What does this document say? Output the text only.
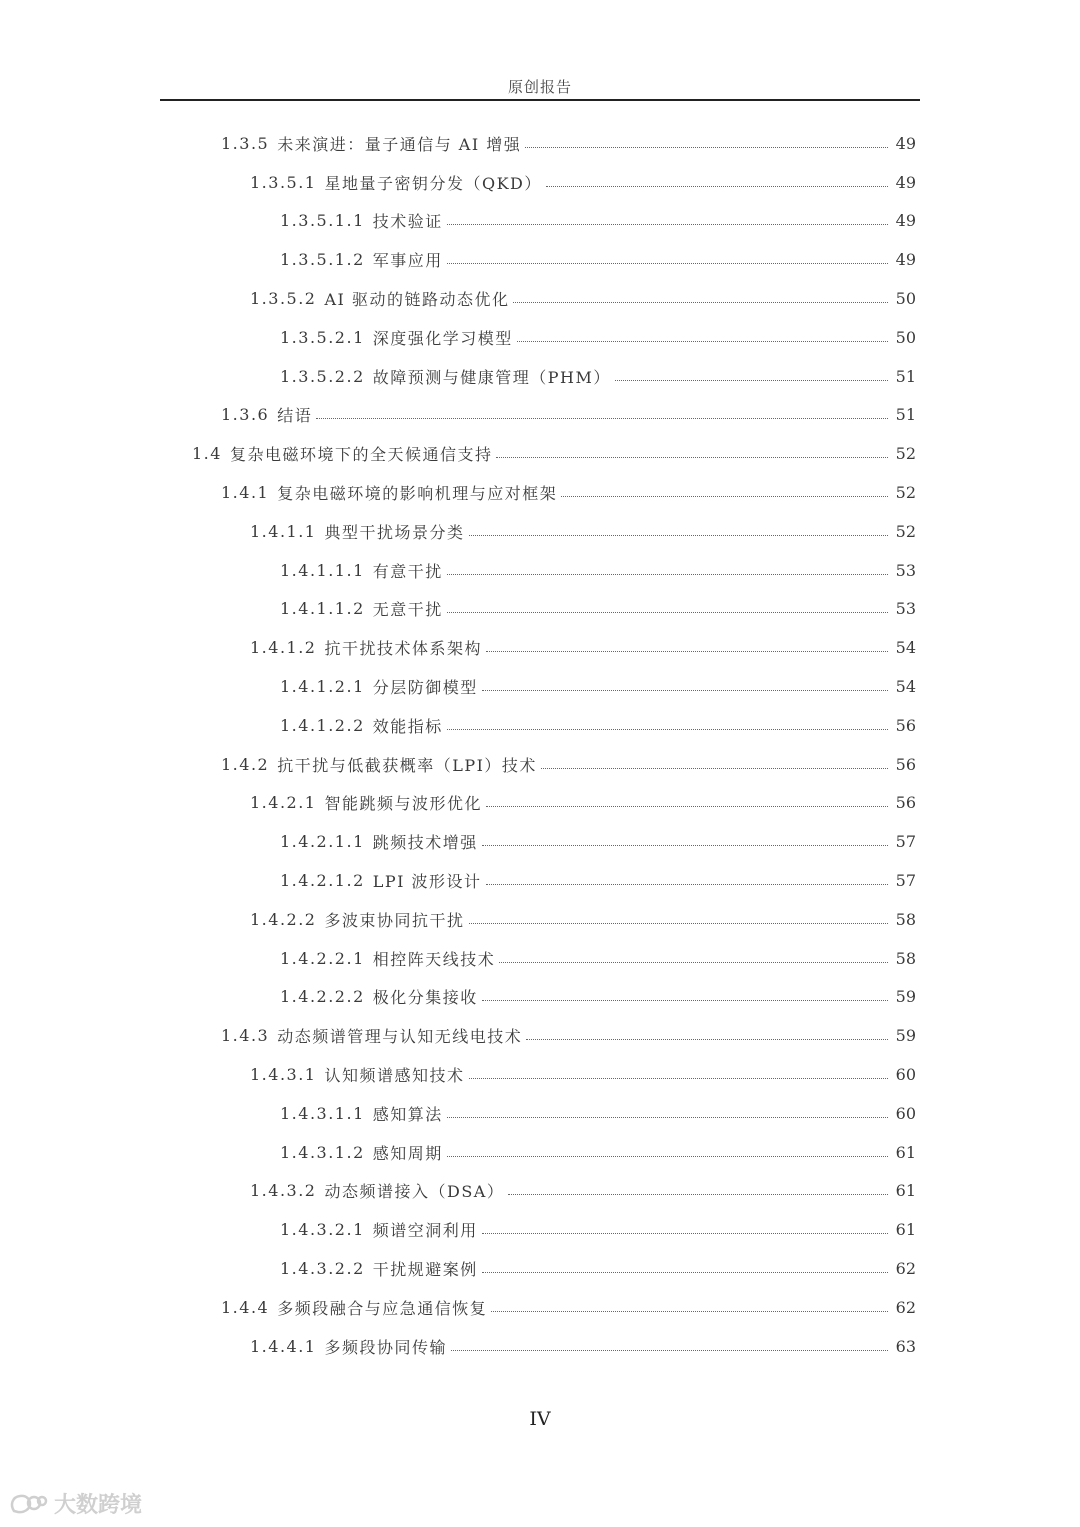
原创报告
1.3.5 未来演进：量子通信与 AI 增强	49
1.3.5.1 星地量子密钥分发（QKD）	49
1.3.5.1.1 技术验证	49
1.3.5.1.2 军事应用	49
1.3.5.2 AI 驱动的链路动态优化	50
1.3.5.2.1 深度强化学习模型	50
1.3.5.2.2 故障预测与健康管理（PHM）	51
1.3.6 结语	51
1.4 复杂电磁环境下的全天候通信支持	52
1.4.1 复杂电磁环境的影响机理与应对框架	52
1.4.1.1 典型干扰场景分类	52
1.4.1.1.1 有意干扰	53
1.4.1.1.2 无意干扰	53
1.4.1.2 抗干扰技术体系架构	54
1.4.1.2.1 分层防御模型	54
1.4.1.2.2 效能指标	56
1.4.2 抗干扰与低截获概率（LPI）技术	56
1.4.2.1 智能跳频与波形优化	56
1.4.2.1.1 跳频技术增强	57
1.4.2.1.2 LPI 波形设计	57
1.4.2.2 多波束协同抗干扰	58
1.4.2.2.1 相控阵天线技术	58
1.4.2.2.2 极化分集接收	59
1.4.3 动态频谱管理与认知无线电技术	59
1.4.3.1 认知频谱感知技术	60
1.4.3.1.1 感知算法	60
1.4.3.1.2 感知周期	61
1.4.3.2 动态频谱接入（DSA）	61
1.4.3.2.1 频谱空洞利用	61
1.4.3.2.2 干扰规避案例	62
1.4.4 多频段融合与应急通信恢复	62
1.4.4.1 多频段协同传输	63
IV
大数跨境
